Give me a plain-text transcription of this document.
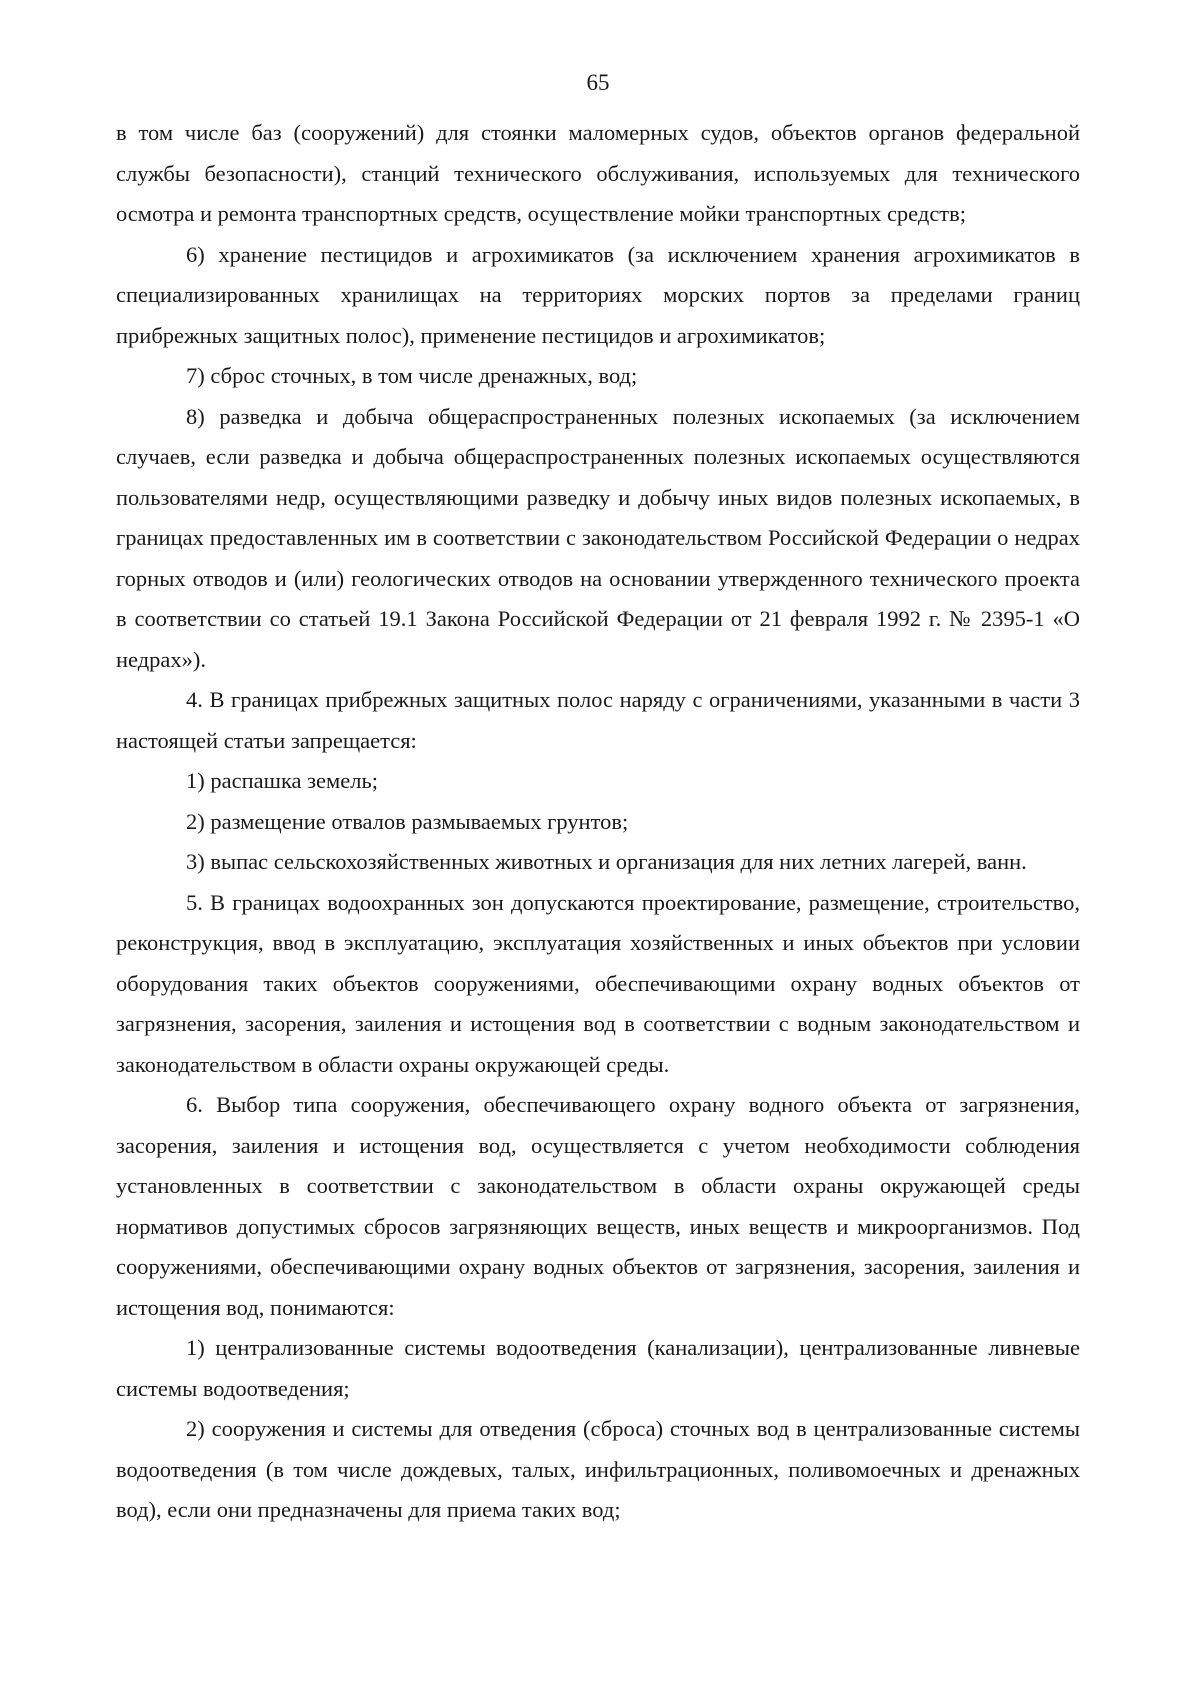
65

в том числе баз (сооружений) для стоянки маломерных судов, объектов органов федеральной службы безопасности), станций технического обслуживания, используемых для технического осмотра и ремонта транспортных средств, осуществление мойки транспортных средств;

6) хранение пестицидов и агрохимикатов (за исключением хранения агрохимикатов в специализированных хранилищах на территориях морских портов за пределами границ прибрежных защитных полос), применение пестицидов и агрохимикатов;

7) сброс сточных, в том числе дренажных, вод;

8) разведка и добыча общераспространенных полезных ископаемых (за исключением случаев, если разведка и добыча общераспространенных полезных ископаемых осуществляются пользователями недр, осуществляющими разведку и добычу иных видов полезных ископаемых, в границах предоставленных им в соответствии с законодательством Российской Федерации о недрах горных отводов и (или) геологических отводов на основании утвержденного технического проекта в соответствии со статьей 19.1 Закона Российской Федерации от 21 февраля 1992 г. № 2395-1 «О недрах»).

4. В границах прибрежных защитных полос наряду с ограничениями, указанными в части 3 настоящей статьи запрещается:

1) распашка земель;

2) размещение отвалов размываемых грунтов;

3) выпас сельскохозяйственных животных и организация для них летних лагерей, ванн.

5. В границах водоохранных зон допускаются проектирование, размещение, строительство, реконструкция, ввод в эксплуатацию, эксплуатация хозяйственных и иных объектов при условии оборудования таких объектов сооружениями, обеспечивающими охрану водных объектов от загрязнения, засорения, заиления и истощения вод в соответствии с водным законодательством и законодательством в области охраны окружающей среды.

6. Выбор типа сооружения, обеспечивающего охрану водного объекта от загрязнения, засорения, заиления и истощения вод, осуществляется с учетом необходимости соблюдения установленных в соответствии с законодательством в области охраны окружающей среды нормативов допустимых сбросов загрязняющих веществ, иных веществ и микроорганизмов. Под сооружениями, обеспечивающими охрану водных объектов от загрязнения, засорения, заиления и истощения вод, понимаются:

1) централизованные системы водоотведения (канализации), централизованные ливневые системы водоотведения;

2) сооружения и системы для отведения (сброса) сточных вод в централизованные системы водоотведения (в том числе дождевых, талых, инфильтрационных, поливомоечных и дренажных вод), если они предназначены для приема таких вод;
